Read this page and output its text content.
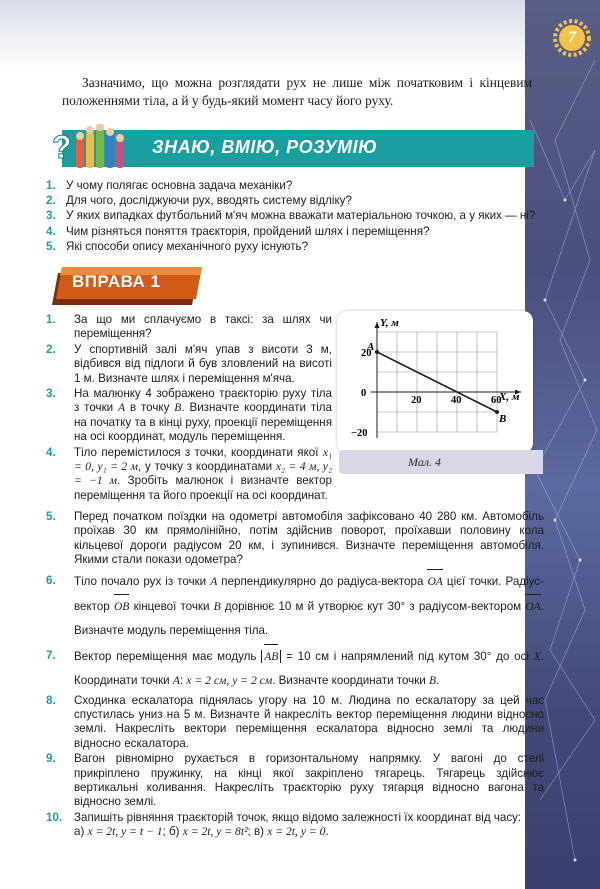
7

Зазначимо, що можна розглядати рух не лише між початковим і кінцевим положеннями тіла, а й у будь-який момент часу його руху.

?	ЗНАЮ, ВМІЮ, РОЗУМІЮ
1. У чому полягає основна задача механіки?
2. Для чого, досліджуючи рух, вводять систему відліку?
3. У яких випадках футбольний м'яч можна вважати матеріальною точкою, а у яких — ні?
4. Чим різняться поняття траєкторія, пройдений шлях і переміщення?
5. Які способи опису механічного руху існують?
ВПРАВА 1
1.	За що ми сплачуємо в таксі: за шлях чи переміщення?
2.	У спортивній залі м'яч упав з висоти 3 м, відбився від підлоги й був зловлений на висоті 1 м. Визначте шлях і переміщення м'яча.
3.	На малюнку 4 зображено траєкторію руху тіла з точки A в точку B. Визначте координати тіла на початку та в кінці руху, проекції переміщення на осі координат, модуль переміщення.
4.	Тіло перемістилося з точки, координати якої x₁ = 0, y₁ = 2 м, у точку з координатами x₂ = 4 м, y₂ = −1 м. Зробіть малюнок і визначте вектор переміщення та його проекції на осі координат.
Y, м
X, м
20	40	60
20
0
−20
A
B
Мал. 4
5.	Перед початком поїздки на одометрі автомобіля зафіксовано 40 280 км. Автомобіль проїхав 30 км прямолінійно, потім здійснив поворот, проїхавши половину кола кільцевої дороги радіусом 20 км, і зупинився. Визначте переміщення автомобіля. Якими стали покази одометра?
6.	Тіло почало рух із точки A перпендикулярно до радіуса-вектора OA цієї точки. Радіус-вектор OB кінцевої точки B дорівнює 10 м й утворює кут 30° з радіусом-вектором OA. Визначте модуль переміщення тіла.
7.	Вектор переміщення має модуль AB = 10 см і напрямлений під кутом 30° до осі X. Координати точки A: x = 2 см, y = 2 см. Визначте координати точки B.
8.	Сходинка ескалатора піднялась угору на 10 м. Людина по ескалатору за цей час спустилась униз на 5 м. Визначте й накресліть вектор переміщення людини відносно землі. Накресліть вектори переміщення ескалатора відносно землі та людини відносно ескалатора.
9.	Вагон рівномірно рухається в горизонтальному напрямку. У вагоні до стелі прикріплено пружинку, на кінці якої закріплено тягарець. Тягарець здійснює вертикальні коливання. Накресліть траєкторію руху тягарця відносно вагона та відносно землі.
10.	Запишіть рівняння траєкторій точок, якщо відомо залежності їх координат від часу:
а) x = 2t, y = t − 1; б) x = 2t, y = 8t²; в) x = 2t, y = 0.
